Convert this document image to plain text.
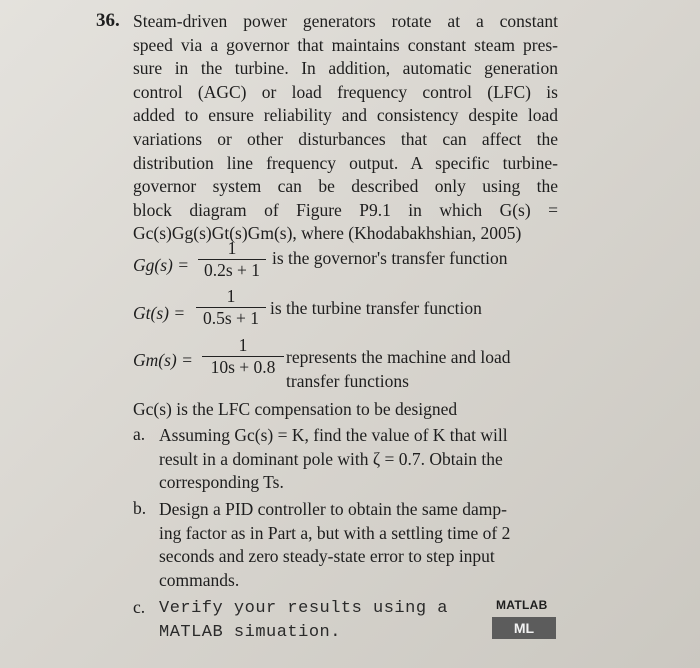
36. Steam-driven power generators rotate at a constant
speed via a governor that maintains constant steam pres-
sure in the turbine. In addition, automatic generation
control (AGC) or load frequency control (LFC) is
added to ensure reliability and consistency despite load
variations or other disturbances that can affect the
distribution line frequency output. A specific turbine-
governor system can be described only using the
block diagram of Figure P9.1 in which G(s) =
Gc(s)Gg(s)Gt(s)Gm(s), where (Khodabakhshian, 2005)
$Gg(s) = \frac{1}{0.2s + 1}$ is the governor's transfer function
$Gt(s) = \frac{1}{0.5s + 1}$ is the turbine transfer function
$Gm(s) = \frac{1}{10s + 0.8}$ represents the machine and load
transfer functions
Gc(s) is the LFC compensation to be designed
a. Assuming Gc(s) = K, find the value of K that will
result in a dominant pole with ζ = 0.7. Obtain the
corresponding Ts.
b. Design a PID controller to obtain the same damp-
ing factor as in Part a, but with a settling time of 2
seconds and zero steady-state error to step input
commands.
c. Verify your results using a
MATLAB simuation.
MATLAB
ML
